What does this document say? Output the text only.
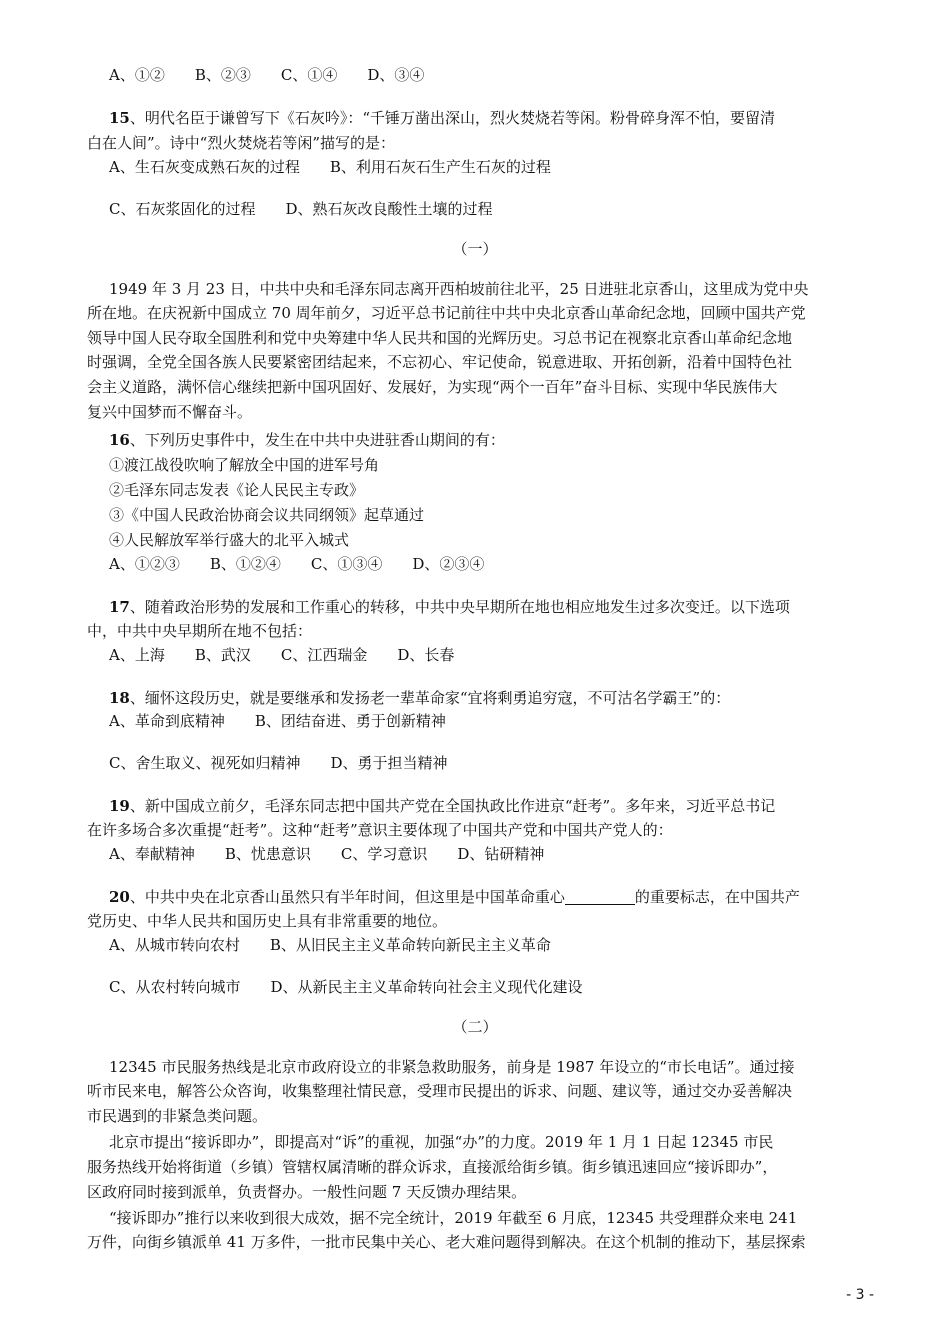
A、①②　　B、②③　　C、①④　　D、③④
15、明代名臣于谦曾写下《石灰吟》：“千锤万凿出深山，烈火焚烧若等闲。粉骨碎身浑不怕，要留清
白在人间”。诗中“烈火焚烧若等闲”描写的是：
A、生石灰变成熟石灰的过程　　B、利用石灰石生产生石灰的过程
C、石灰浆固化的过程　　D、熟石灰改良酸性土壤的过程
（一）
1949 年 3 月 23 日，中共中央和毛泽东同志离开西柏坡前往北平，25 日进驻北京香山，这里成为党中央
所在地。在庆祝新中国成立 70 周年前夕，习近平总书记前往中共中央北京香山革命纪念地，回顾中国共产党
领导中国人民夺取全国胜利和党中央筹建中华人民共和国的光辉历史。习总书记在视察北京香山革命纪念地
时强调，全党全国各族人民要紧密团结起来，不忘初心、牢记使命，锐意进取、开拓创新，沿着中国特色社
会主义道路，满怀信心继续把新中国巩固好、发展好，为实现“两个一百年”奋斗目标、实现中华民族伟大
复兴中国梦而不懈奋斗。
16、下列历史事件中，发生在中共中央进驻香山期间的有：
①渡江战役吹响了解放全中国的进军号角
②毛泽东同志发表《论人民民主专政》
③《中国人民政治协商会议共同纲领》起草通过
④人民解放军举行盛大的北平入城式
A、①②③　　B、①②④　　C、①③④　　D、②③④
17、随着政治形势的发展和工作重心的转移，中共中央早期所在地也相应地发生过多次变迁。以下选项
中，中共中央早期所在地不包括：
A、上海　　B、武汉　　C、江西瑞金　　D、长春
18、缅怀这段历史，就是要继承和发扬老一辈革命家“宜将剩勇追穷寇，不可沽名学霸王”的：
A、革命到底精神　　B、团结奋进、勇于创新精神
C、舍生取义、视死如归精神　　D、勇于担当精神
19、新中国成立前夕，毛泽东同志把中国共产党在全国执政比作进京“赶考”。多年来，习近平总书记
在许多场合多次重提“赶考”。这种“赶考”意识主要体现了中国共产党和中国共产党人的：
A、奉献精神　　B、忧患意识　　C、学习意识　　D、钻研精神
20、中共中央在北京香山虽然只有半年时间，但这里是中国革命重心	的重要标志，在中国共产
党历史、中华人民共和国历史上具有非常重要的地位。
A、从城市转向农村　　B、从旧民主主义革命转向新民主主义革命
C、从农村转向城市　　D、从新民主主义革命转向社会主义现代化建设
（二）
12345 市民服务热线是北京市政府设立的非紧急救助服务，前身是 1987 年设立的“市长电话”。通过接
听市民来电，解答公众咨询，收集整理社情民意，受理市民提出的诉求、问题、建议等，通过交办妥善解决
市民遇到的非紧急类问题。
北京市提出“接诉即办”，即提高对“诉”的重视，加强“办”的力度。2019 年 1 月 1 日起 12345 市民
服务热线开始将街道（乡镇）管辖权属清晰的群众诉求，直接派给街乡镇。街乡镇迅速回应“接诉即办”，
区政府同时接到派单，负责督办。一般性问题 7 天反馈办理结果。
“接诉即办”推行以来收到很大成效，据不完全统计，2019 年截至 6 月底，12345 共受理群众来电 241
万件，向街乡镇派单 41 万多件，一批市民集中关心、老大难问题得到解决。在这个机制的推动下，基层探索
- 3 -
